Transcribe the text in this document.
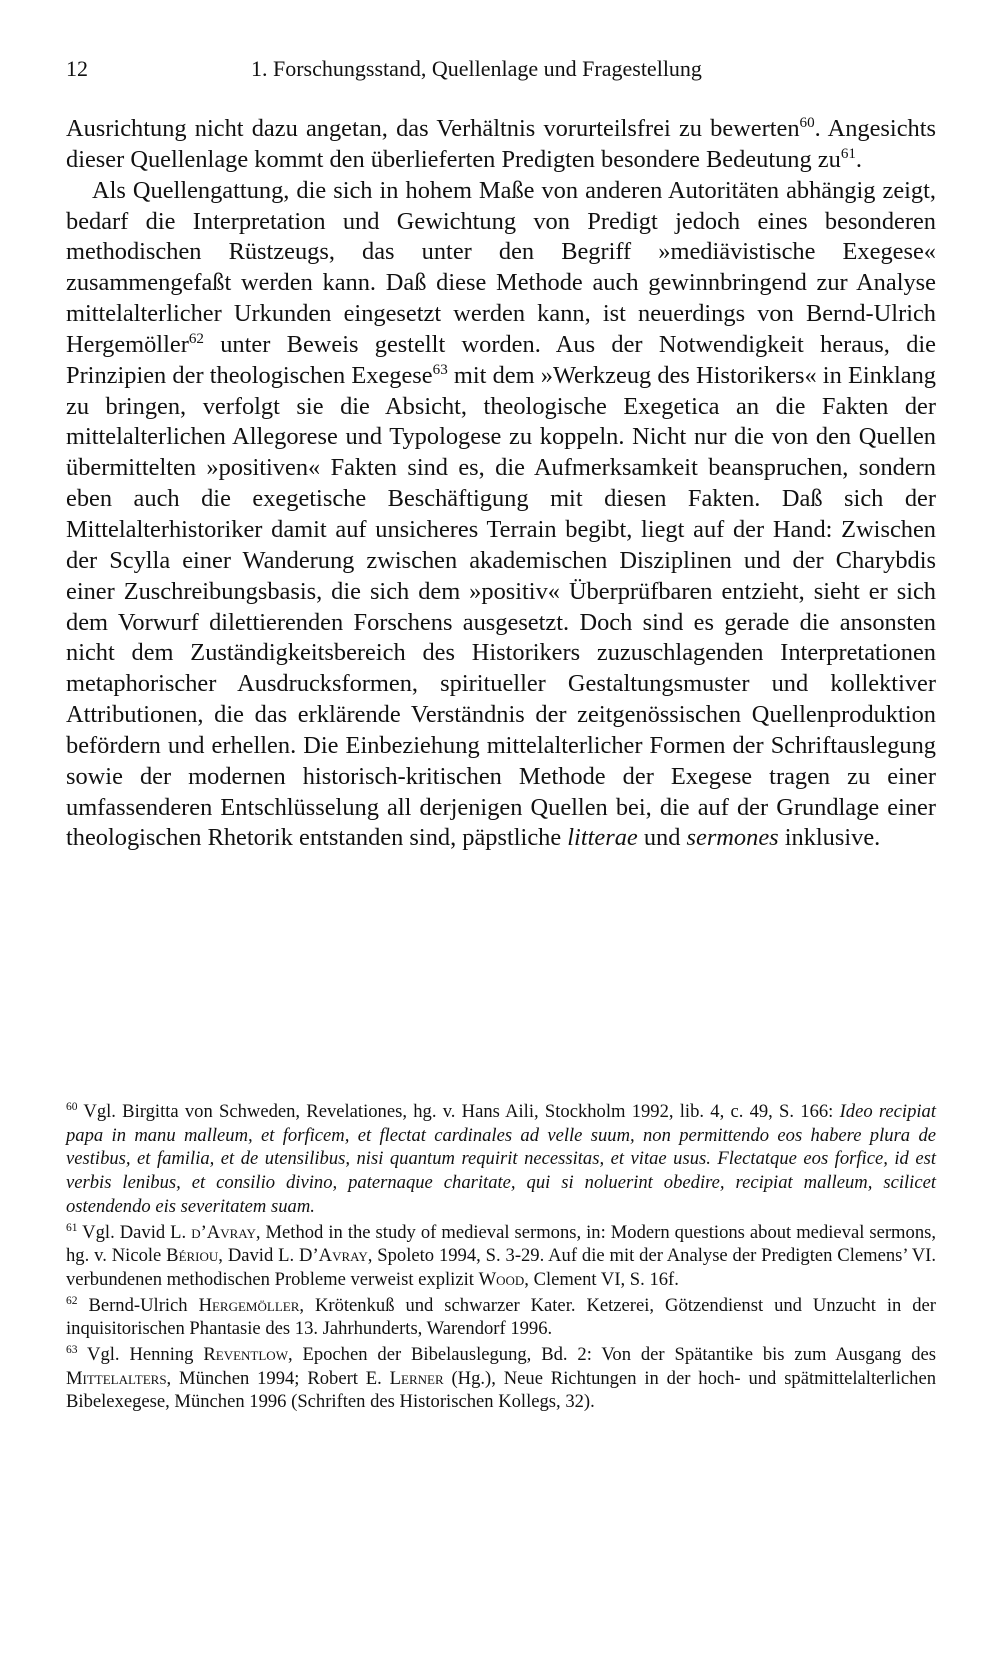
12	1. Forschungsstand, Quellenlage und Fragestellung

Ausrichtung nicht dazu angetan, das Verhältnis vorurteilsfrei zu bewerten$^{60}$. Angesichts dieser Quellenlage kommt den überlieferten Predigten besondere Bedeutung $zu^{61}$.

Als Quellengattung, die sich in hohem Maße von anderen Autoritäten abhängig zeigt, bedarf die Interpretation und Gewichtung von Predigt jedoch eines besonderen methodischen Rüstzeugs, das unter den Begriff »mediävistische Exegese« zusammengefaßt werden kann. Daß diese Methode auch gewinnbringend zur Analyse mittelalterlicher Urkunden eingesetzt werden kann, ist neuerdings von Bernd-Ulrich Hergemöller$^{62}$ unter Beweis gestellt worden. Aus der Notwendigkeit heraus, die Prinzipien der theologischen Exegese$^{63}$ mit dem »Werkzeug des Historikers« in Einklang zu bringen, verfolgt sie die Absicht, theologische Exegetica an die Fakten der mittelalterlichen Allegorese und Typologese zu koppeln. Nicht nur die von den Quellen übermittelten »positiven« Fakten sind es, die Aufmerksamkeit beanspruchen, sondern eben auch die exegetische Beschäftigung mit diesen Fakten. Daß sich der Mittelalterhistoriker damit auf unsicheres Terrain begibt, liegt auf der Hand: Zwischen der Scylla einer Wanderung zwischen akademischen Disziplinen und der Charybdis einer Zuschreibungsbasis, die sich dem »positiv« Überprüfbaren entzieht, sieht er sich dem Vorwurf dilettierenden Forschens ausgesetzt. Doch sind es gerade die ansonsten nicht dem Zuständigkeitsbereich des Historikers zuzuschlagenden Interpretationen metaphorischer Ausdrucksformen, spiritueller Gestaltungsmuster und kollektiver Attributionen, die das erklärende Verständnis der zeitgenössischen Quellenproduktion befördern und erhellen. Die Einbeziehung mittelalterlicher Formen der Schriftauslegung sowie der modernen historisch-kritischen Methode der Exegese tragen zu einer umfassenderen Entschlüsselung all derjenigen Quellen bei, die auf der Grundlage einer theologischen Rhetorik entstanden sind, päpstliche litterae und sermones inklusive.

$^{60}$ Vgl. Birgitta von Schweden, Revelationes, hg. v. Hans Aili, Stockholm 1992, lib. 4, c. 49, S. 166: Ideo recipiat papa in manu malleum, et forficem, et flectat cardinales ad velle suum, non permittendo eos habere plura de vestibus, et familia, et de utensilibus, nisi quantum requirit necessitas, et vitae usus. Flectatque eos forfice, id est verbis lenibus, et consilio divino, paternaque charitate, qui si noluerint obedire, recipiat malleum, scilicet ostendendo eis severitatem suam.

$^{61}$ Vgl. David L. d’Avray, Method in the study of medieval sermons, in: Modern questions about medieval sermons, hg. v. Nicole Bériou, David L. D’Avray, Spoleto 1994, S. 3-29. Auf die mit der Analyse der Predigten Clemens’ VI. verbundenen methodischen Probleme verweist explizit Wood, Clement VI, S. 16f.

$^{62}$ Bernd-Ulrich Hergemöller, Krötenkuß und schwarzer Kater. Ketzerei, Götzendienst und Unzucht in der inquisitorischen Phantasie des 13. Jahrhunderts, Warendorf 1996.

$^{63}$ Vgl. Henning Reventlow, Epochen der Bibelauslegung, Bd. 2: Von der Spätantike bis zum Ausgang des Mittelalters, München 1994; Robert E. Lerner (Hg.), Neue Richtungen in der hoch- und spätmittelalterlichen Bibelexegese, München 1996 (Schriften des Historischen Kollegs, 32).
